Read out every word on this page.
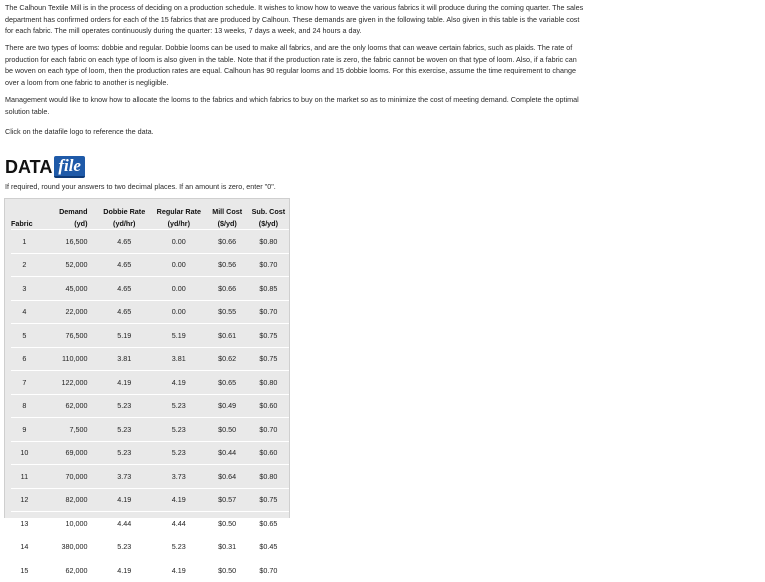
The Calhoun Textile Mill is in the process of deciding on a production schedule. It wishes to know how to weave the various fabrics it will produce during the coming quarter. The sales
department has confirmed orders for each of the 15 fabrics that are produced by Calhoun. These demands are given in the following table. Also given in this table is the variable cost
for each fabric. The mill operates continuously during the quarter: 13 weeks, 7 days a week, and 24 hours a day.
There are two types of looms: dobbie and regular. Dobbie looms can be used to make all fabrics, and are the only looms that can weave certain fabrics, such as plaids. The rate of
production for each fabric on each type of loom is also given in the table. Note that if the production rate is zero, the fabric cannot be woven on that type of loom. Also, if a fabric can
be woven on each type of loom, then the production rates are equal. Calhoun has 90 regular looms and 15 dobbie looms. For this exercise, assume the time requirement to change
over a loom from one fabric to another is negligible.
Management would like to know how to allocate the looms to the fabrics and which fabrics to buy on the market so as to minimize the cost of meeting demand. Complete the optimal
solution table.
Click on the datafile logo to reference the data.
DATA file
If required, round your answers to two decimal places. If an amount is zero, enter "0".
	Demand	Dobbie Rate	Regular Rate	Mill Cost	Sub. Cost
Fabric	(yd)	(yd/hr)	(yd/hr)	($/yd)	($/yd)
1	16,500	4.65	0.00	$0.66	$0.80
2	52,000	4.65	0.00	$0.56	$0.70
3	45,000	4.65	0.00	$0.66	$0.85
4	22,000	4.65	0.00	$0.55	$0.70
5	76,500	5.19	5.19	$0.61	$0.75
6	110,000	3.81	3.81	$0.62	$0.75
7	122,000	4.19	4.19	$0.65	$0.80
8	62,000	5.23	5.23	$0.49	$0.60
9	7,500	5.23	5.23	$0.50	$0.70
10	69,000	5.23	5.23	$0.44	$0.60
11	70,000	3.73	3.73	$0.64	$0.80
12	82,000	4.19	4.19	$0.57	$0.75
13	10,000	4.44	4.44	$0.50	$0.65
14	380,000	5.23	5.23	$0.31	$0.45
15	62,000	4.19	4.19	$0.50	$0.70
